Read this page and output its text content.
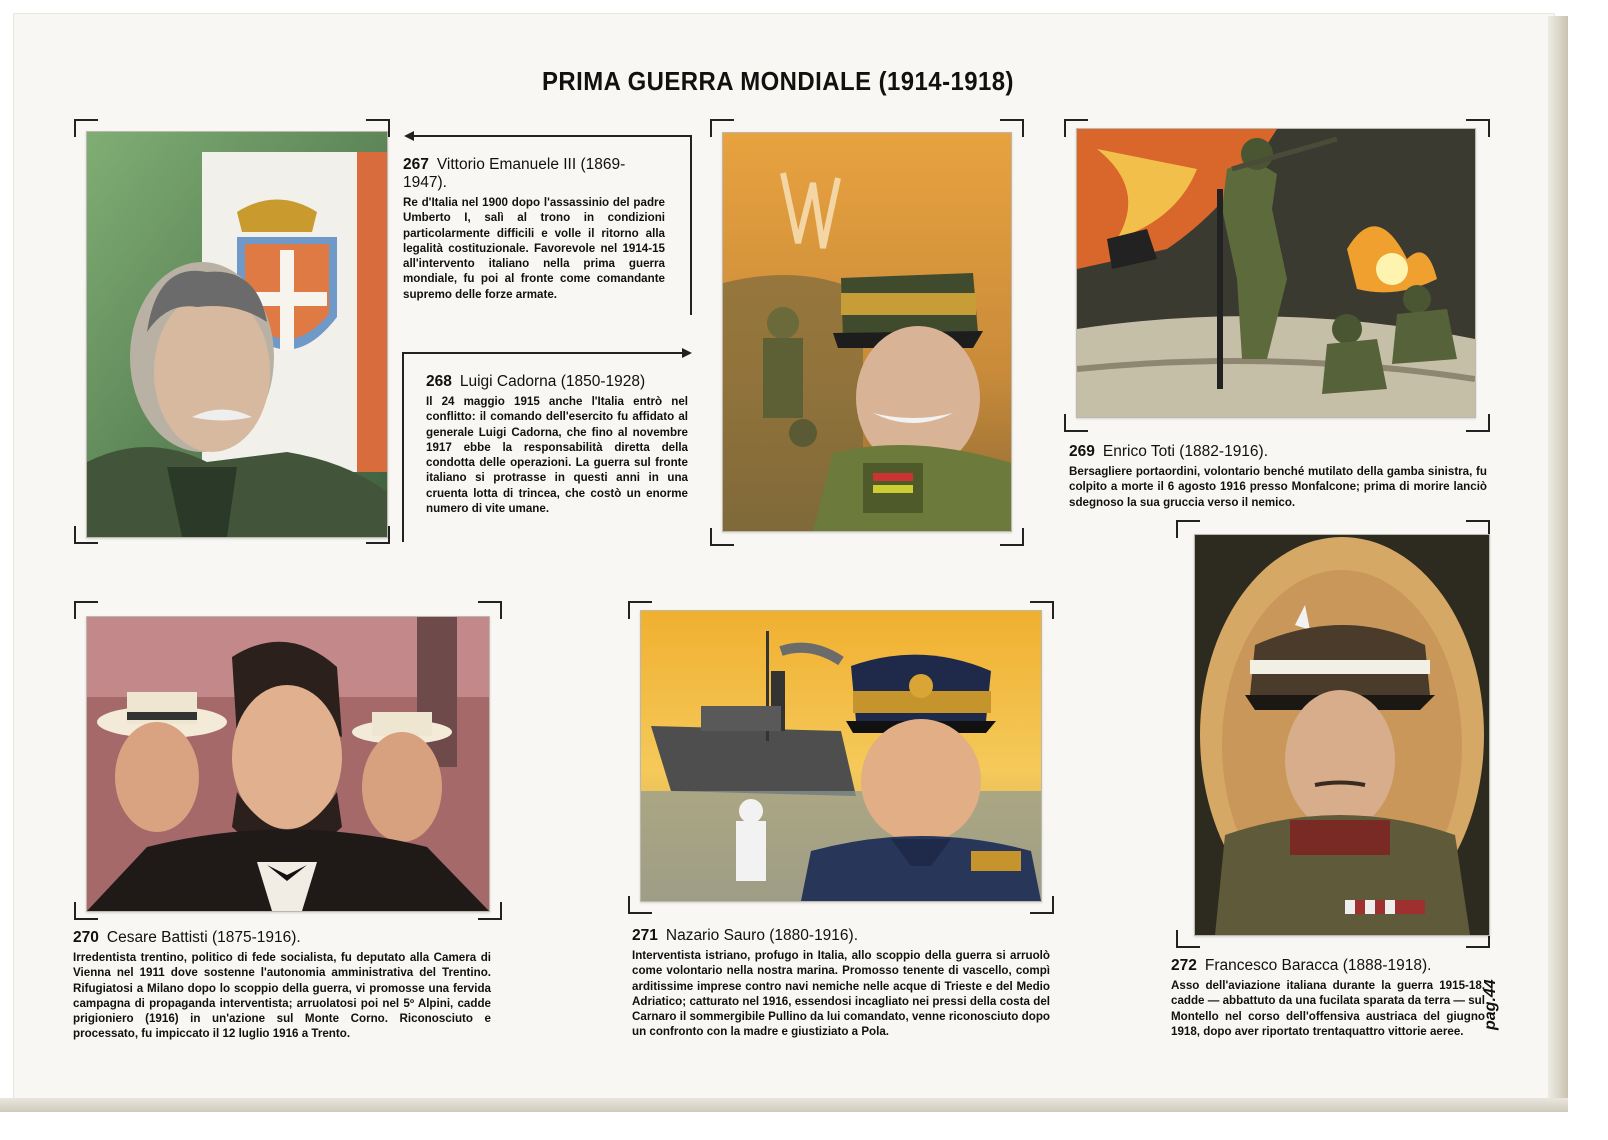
PRIMA GUERRA MONDIALE (1914-1918)
267 Vittorio Emanuele III (1869-1947).

Re d'Italia nel 1900 dopo l'assassinio del padre Umberto I, salì al trono in condizioni particolarmente difficili e volle il ritorno alla legalità costituzionale. Favorevole nel 1914-15 all'intervento italiano nella prima guerra mondiale, fu poi al fronte come comandante supremo delle forze armate.

268 Luigi Cadorna (1850-1928)

Il 24 maggio 1915 anche l'Italia entrò nel conflitto: il comando dell'esercito fu affidato al generale Luigi Cadorna, che fino al novembre 1917 ebbe la responsabilità diretta della condotta delle operazioni. La guerra sul fronte italiano si protrasse in questi anni in una cruenta lotta di trincea, che costò un enorme numero di vite umane.

269 Enrico Toti (1882-1916).

Bersagliere portaordini, volontario benché mutilato della gamba sinistra, fu colpito a morte il 6 agosto 1916 presso Monfalcone; prima di morire lanciò sdegnoso la sua gruccia verso il nemico.

270 Cesare Battisti (1875-1916).

Irredentista trentino, politico di fede socialista, fu deputato alla Camera di Vienna nel 1911 dove sostenne l'autonomia amministrativa del Trentino. Rifugiatosi a Milano dopo lo scoppio della guerra, vi promosse una fervida campagna di propaganda interventista; arruolatosi poi nel 5º Alpini, cadde prigioniero (1916) in un'azione sul Monte Corno. Riconosciuto e processato, fu impiccato il 12 luglio 1916 a Trento.

271 Nazario Sauro (1880-1916).

Interventista istriano, profugo in Italia, allo scoppio della guerra si arruolò come volontario nella nostra marina. Promosso tenente di vascello, compì arditissime imprese contro navi nemiche nelle acque di Trieste e del Medio Adriatico; catturato nel 1916, essendosi incagliato nei pressi della costa del Carnaro il sommergibile Pullino da lui comandato, venne riconosciuto dopo un confronto con la madre e giustiziato a Pola.

272 Francesco Baracca (1888-1918).

Asso dell'aviazione italiana durante la guerra 1915-18, cadde — abbattuto da una fucilata sparata da terra — sul Montello nel corso dell'offensiva austriaca del giugno 1918, dopo aver riportato trentaquattro vittorie aeree.

pag.44
